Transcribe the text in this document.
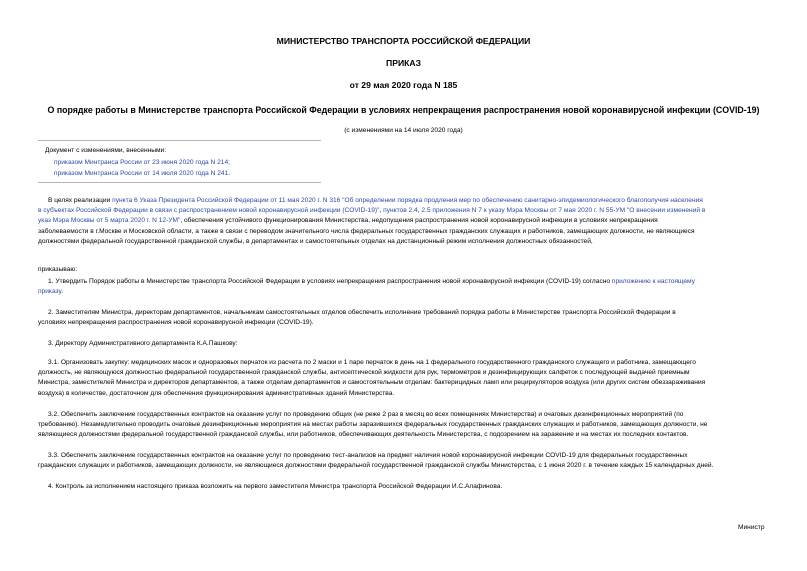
МИНИСТЕРСТВО ТРАНСПОРТА РОССИЙСКОЙ ФЕДЕРАЦИИ
ПРИКАЗ
от 29 мая 2020 года N 185
О порядке работы в Министерстве транспорта Российской Федерации в условиях непрекращения распространения новой коронавирусной инфекции (COVID-19)
(с изменениями на 14 июля 2020 года)
Документ с изменениями, внесенными:
приказом Минтранса России от 23 июня 2020 года N 214;
приказом Минтранса России от 14 июля 2020 года N 241.
В целях реализации пункта 6 Указа Президента Российской Федерации от 11 мая 2020 г. N 316 "Об определении порядка продления мер по обеспечению санитарно-эпидемиологического благополучия населения
в субъектах Российской Федерации в связи с распространением новой коронавирусной инфекции (COVID-19)", пунктов 2.4, 2.5 приложения N 7 к указу Мэра Москвы от 7 мая 2020 г. N 55-УМ "О внесении изменений в
указ Мэра Москвы от 5 марта 2020 г. N 12-УМ", обеспечения устойчивого функционирования Министерства, недопущения распространения новой коронавирусной инфекции в условиях непрекращения
заболеваемости в г.Москве и Московской области, а также в связи с переводом значительного числа федеральных государственных гражданских служащих и работников, замещающих должности, не являющиеся
должностями федеральной государственной гражданской службы, в департаментах и самостоятельных отделах на дистанционный режим исполнения должностных обязанностей,
приказываю:
1. Утвердить Порядок работы в Министерстве транспорта Российской Федерации в условиях непрекращения распространения новой коронавирусной инфекции (COVID-19) согласно приложению к настоящему
приказу.
2. Заместителям Министра, директорам департаментов, начальникам самостоятельных отделов обеспечить исполнение требований порядка работы в Министерстве транспорта Российской Федерации в
условиях непрекращения распространения новой коронавирусной инфекции (COVID-19).
3. Директору Административного департамента К.А.Пашкову:
3.1. Организовать закупку: медицинских масок и одноразовых перчаток из расчета по 2 маски и 1 паре перчаток в день на 1 федерального государственного гражданского служащего и работника, замещающего
должность, не являющуюся должностью федеральной государственной гражданской службы, антисептической жидкости для рук, термометров и дезинфицирующих салфеток с последующей выдачей приемным
Министра, заместителей Министра и директоров департаментов, а также отделам департаментов и самостоятельным отделам: бактерицидных ламп или рециркуляторов воздуха (или других систем обеззараживания
воздуха) в количестве, достаточном для обеспечения функционирования административных зданий Министерства.
3.2. Обеспечить заключение государственных контрактов на оказание услуг по проведению общих (не реже 2 раз в месяц во всех помещениях Министерства) и очаговых дезинфекционных мероприятий (по
требованию). Незамедлительно проводить очаговые дезинфекционные мероприятия на местах работы заразившихся федеральных государственных гражданских служащих и работников, замещающих должности, не
являющиеся должностями федеральной государственной гражданской службы, или работников, обеспечивающих деятельность Министерства, с подозрением на заражение и на местах их последних контактов.
3.3. Обеспечить заключение государственных контрактов на оказание услуг по проведению тест-анализов на предмет наличия новой коронавирусной инфекции COVID-19 для федеральных государственных
гражданских служащих и работников, замещающих должности, не являющиеся должностями федеральной государственной гражданской службы Министерства, с 1 июня 2020 г. в течение каждых 15 календарных дней.
4. Контроль за исполнением настоящего приказа возложить на первого заместителя Министра транспорта Российской Федерации И.С.Алафинова.
Министр
